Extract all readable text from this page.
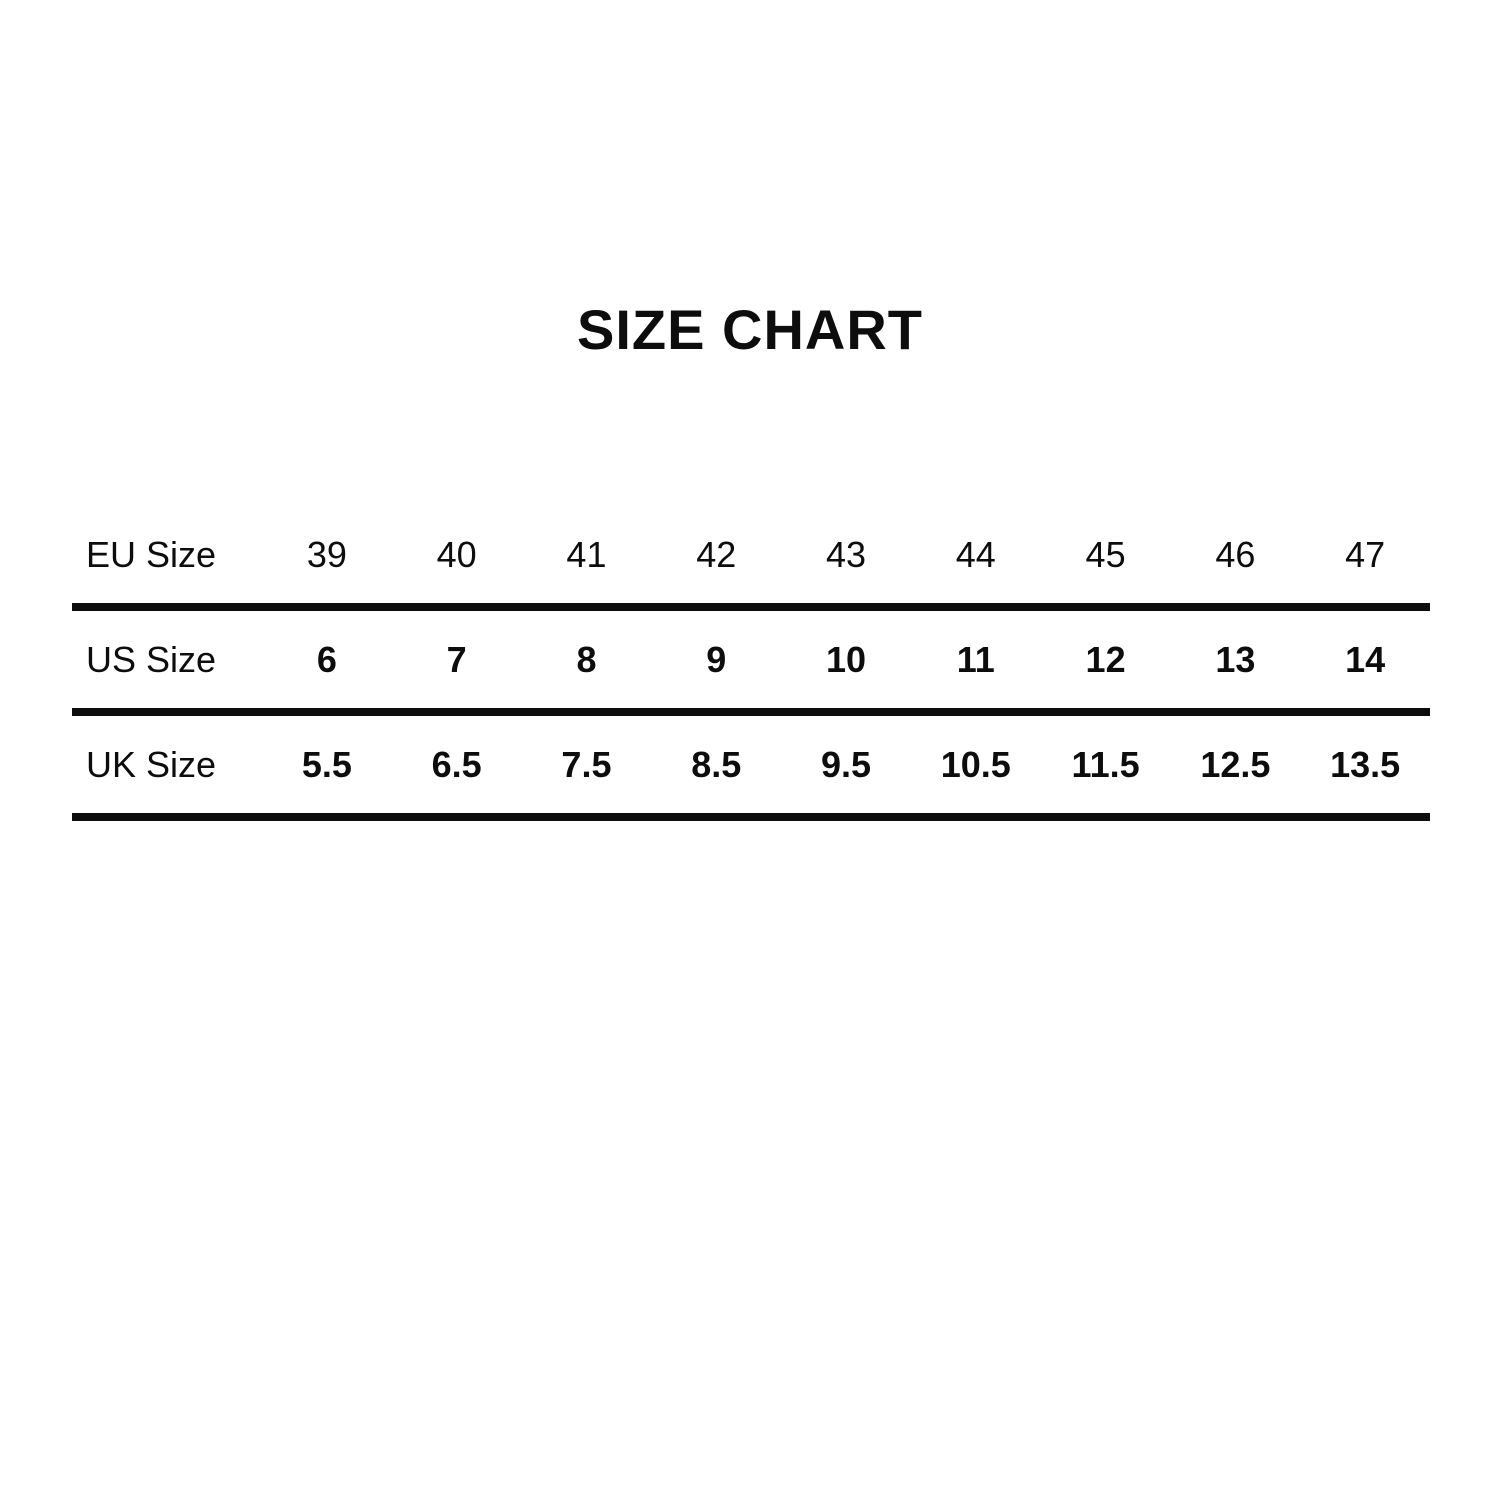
SIZE CHART
EU Size	39	40	41	42	43	44	45	46	47
US Size	6	7	8	9	10	11	12	13	14
UK Size	5.5	6.5	7.5	8.5	9.5	10.5	11.5	12.5	13.5
